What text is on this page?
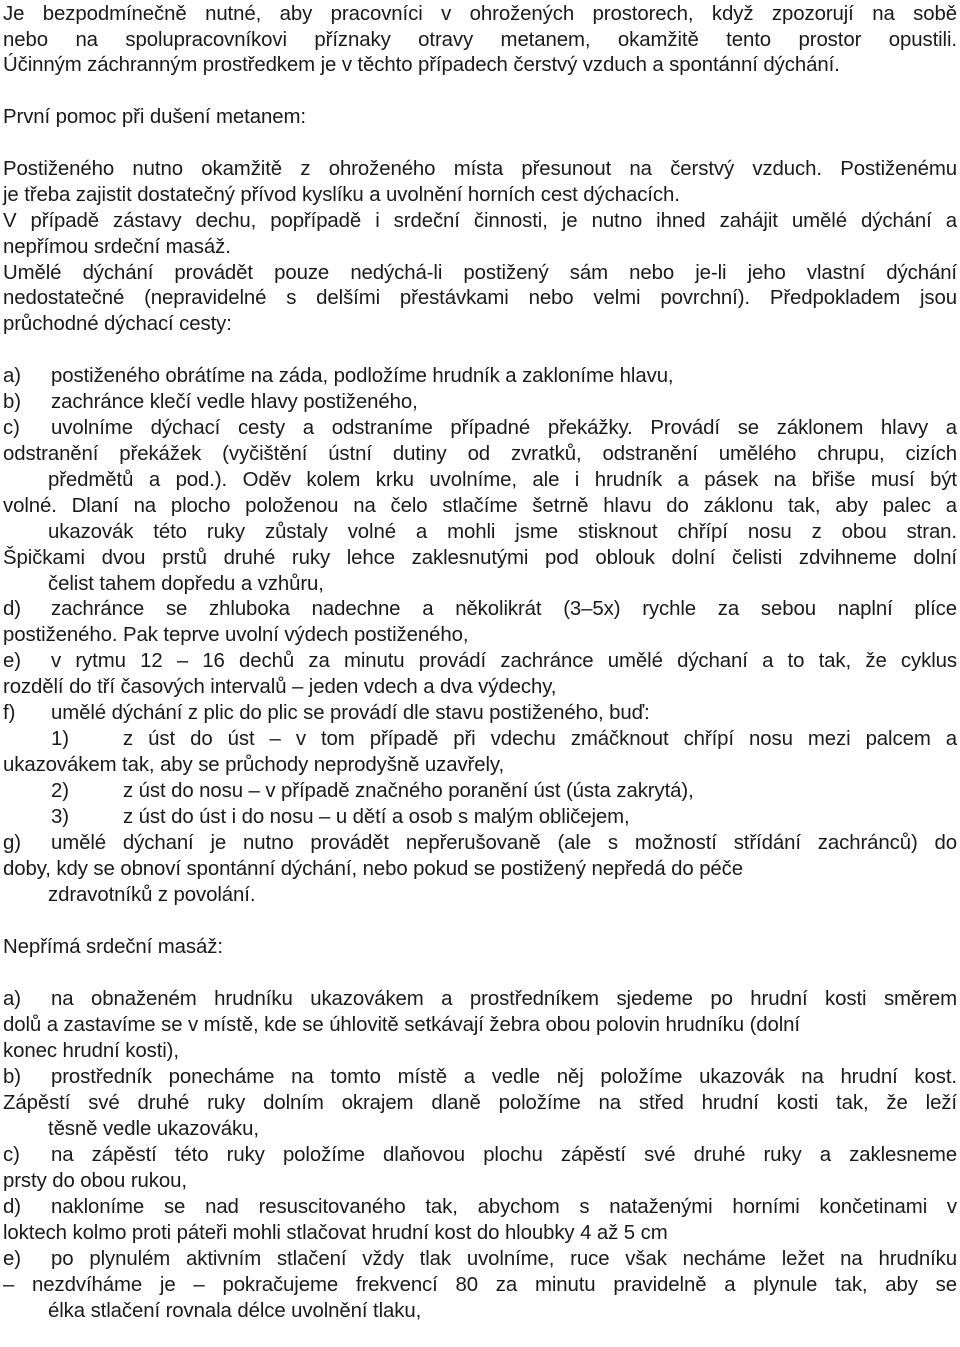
Je bezpodmínečně nutné, aby pracovníci v ohrožených prostorech, když zpozorují na sobě
nebo na spolupracovníkovi příznaky otravy metanem, okamžitě tento prostor opustili.
Účinným záchranným prostředkem je v těchto případech čerstvý vzduch a spontánní dýchání.
První pomoc při dušení metanem:
Postiženého nutno okamžitě z ohroženého místa přesunout na čerstvý vzduch. Postiženému
je třeba zajistit dostatečný přívod kyslíku a uvolnění horních cest dýchacích.
V případě zástavy dechu, popřípadě i srdeční činnosti, je nutno ihned zahájit umělé dýchání a
nepřímou srdeční masáž.
Umělé dýchání provádět pouze nedýchá-li postižený sám nebo je-li jeho vlastní dýchání
nedostatečné (nepravidelné s delšími přestávkami nebo velmi povrchní). Předpokladem jsou
průchodné dýchací cesty:
a) postiženého obrátíme na záda, podložíme hrudník a zakloníme hlavu,
b) zachránce klečí vedle hlavy postiženého,
c) uvolníme dýchací cesty a odstraníme případné překážky. Provádí se záklonem hlavy a
odstranění překážek (vyčištění ústní dutiny od zvratků, odstranění umělého chrupu, cizích
předmětů a pod.). Oděv kolem krku uvolníme, ale i hrudník a pásek na břiše musí být
volné. Dlaní na plocho položenou na čelo stlačíme šetrně hlavu do záklonu tak, aby palec a
ukazovák této ruky zůstaly volné a mohli jsme stisknout chřípí nosu z obou stran.
Špičkami dvou prstů druhé ruky lehce zaklesnutými pod oblouk dolní čelisti zdvihneme dolní
čelist tahem dopředu a vzhůru,
d) zachránce se zhluboka nadechne a několikrát (3–5x) rychle za sebou naplní plíce
postiženého. Pak teprve uvolní výdech postiženého,
e) v rytmu 12 – 16 dechů za minutu provádí zachránce umělé dýchaní a to tak, že cyklus
rozdělí do tří časových intervalů – jeden vdech a dva výdechy,
f) umělé dýchání z plic do plic se provádí dle stavu postiženého, buď:
1)	z úst do úst – v tom případě při vdechu zmáčknout chřípí nosu mezi palcem a
ukazovákem tak, aby se průchody neprodyšně uzavřely,
2)	z úst do nosu – v případě značného poranění úst (ústa zakrytá),
3)	z úst do úst i do nosu – u dětí a osob s malým obličejem,
g) umělé dýchaní je nutno provádět nepřerušovaně (ale s možností střídání zachránců) do
doby, kdy se obnoví spontánní dýchání, nebo pokud se postižený nepředá do péče
zdravotníků z povolání.
Nepřímá srdeční masáž:
a) na obnaženém hrudníku ukazovákem a prostředníkem sjedeme po hrudní kosti směrem
dolů a zastavíme se v místě, kde se úhlovitě setkávají žebra obou polovin hrudníku (dolní
konec hrudní kosti),
b) prostředník ponecháme na tomto místě a vedle něj položíme ukazovák na hrudní kost.
Zápěstí své druhé ruky dolním okrajem dlaně položíme na střed hrudní kosti tak, že leží
těsně vedle ukazováku,
c) na zápěstí této ruky položíme dlaňovou plochu zápěstí své druhé ruky a zaklesneme
prsty do obou rukou,
d) nakloníme se nad resuscitovaného tak, abychom s nataženými horními končetinami v
loktech kolmo proti páteři mohli stlačovat hrudní kost do hloubky 4 až 5 cm
e) po plynulém aktivním stlačení vždy tlak uvolníme, ruce však necháme ležet na hrudníku
– nezdvíháme je – pokračujeme frekvencí 80 za minutu pravidelně a plynule tak, aby se
élka stlačení rovnala délce uvolnění tlaku,
